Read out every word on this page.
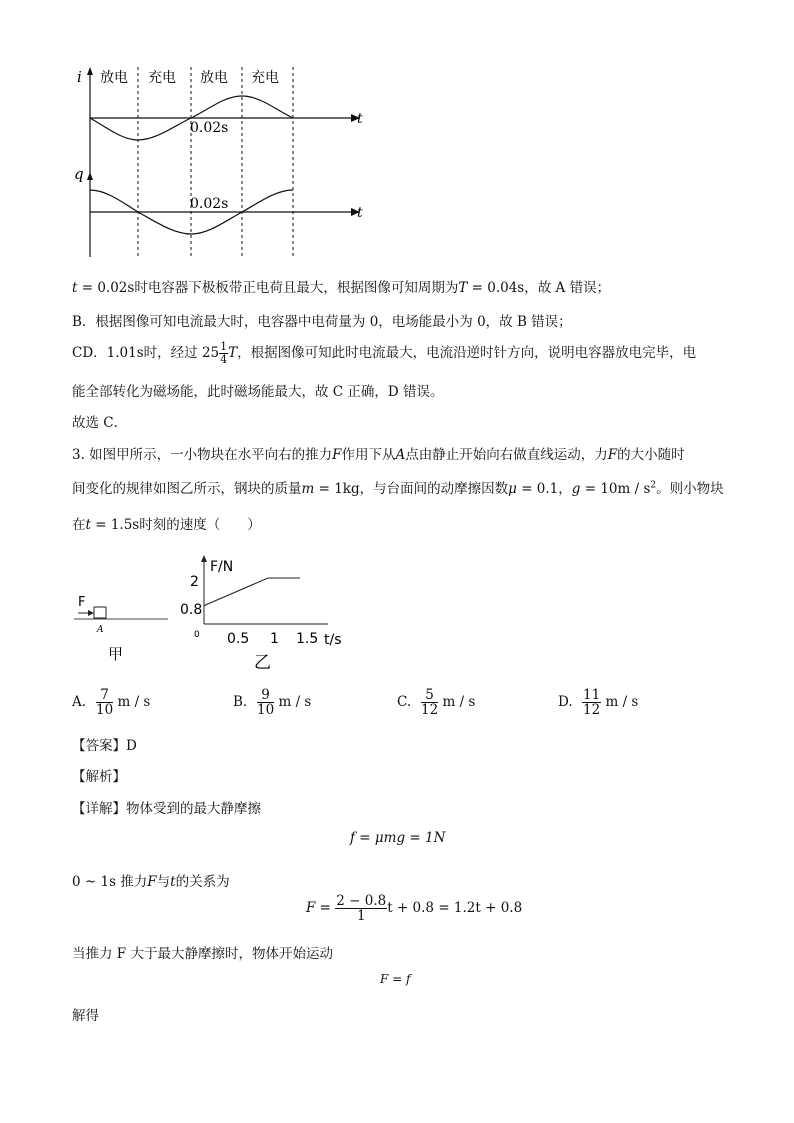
i
q
t
t
放电 充电 放电 充电
0.02s
0.02s
t = 0.02s时电容器下极板带正电荷且最大，根据图像可知周期为T = 0.04s，故 A 错误；
B．根据图像可知电流最大时，电容器中电荷量为 0，电场能最小为 0，故 B 错误；
CD．1.01s时，经过 $25 \frac{1}{4}$ T，根据图像可知此时电流最大，电流沿逆时针方向，说明电容器放电完毕，电
能全部转化为磁场能，此时磁场能最大，故 C 正确，D 错误。
故选 C．
3. 如图甲所示，一小物块在水平向右的推力F作用下从A点由静止开始向右做直线运动，力F的大小随时
间变化的规律如图乙所示，钢块的质量m = 1kg，与台面间的动摩擦因数μ = 0.1，$g = 10m / s^2$。则小物块
在t = 1.5s时刻的速度（　　）
F
A
甲
F/N
t/s
0
2
0.8
0.5 1 1.5
乙
A. $\frac{7}{10}$ m / s	B. $\frac{9}{10}$ m / s	C. $\frac{5}{12}$ m / s	D. $\frac{11}{12}$ m / s
【答案】D
【解析】
【详解】物体受到的最大静摩擦
f = μmg = 1N
0 ~ 1s 推力F与t的关系为
$F = \frac{2 - 0.8}{1}$ t + 0.8 = 1.2t + 0.8
当推力 F 大于最大静摩擦时，物体开始运动
F = f
解得
